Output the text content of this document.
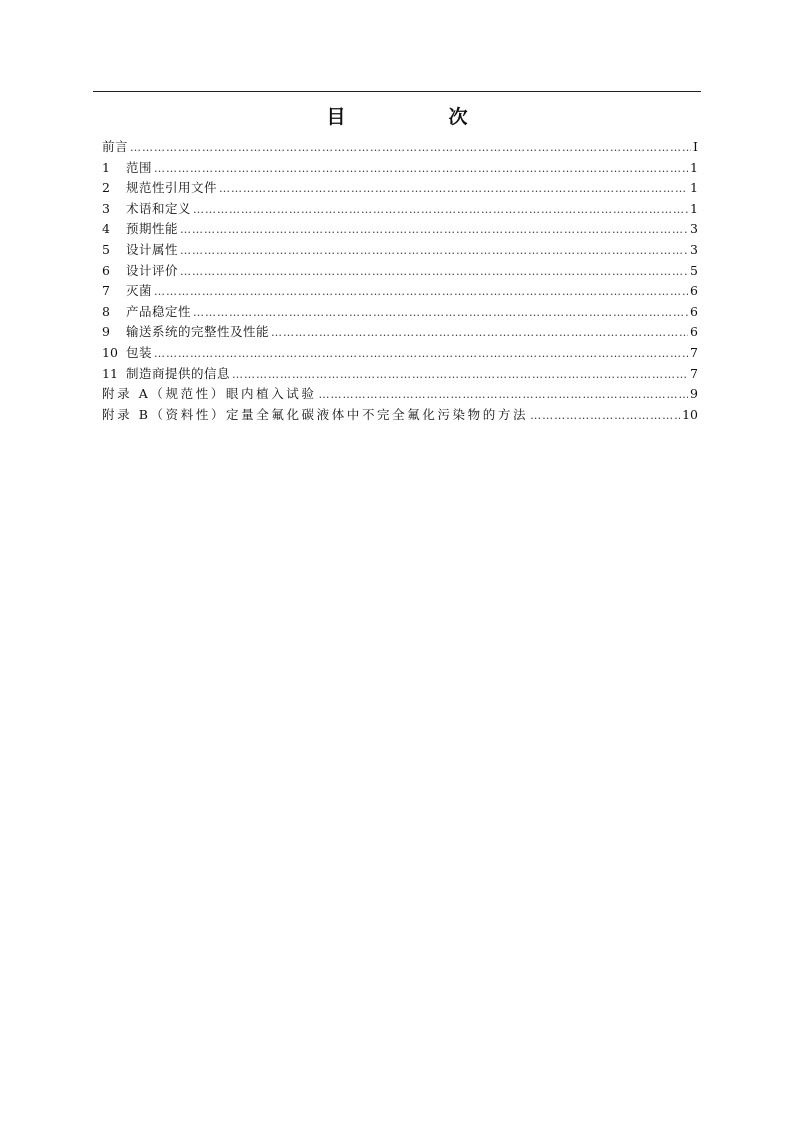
目　次
前言 ………………………………………………………………………………………………………………………………………………………………………………………………………………………………	Ⅰ
1	范围 ………………………………………………………………………………………………………………………………………………………………………………………………………………………………	1
2	规范性引用文件 ………………………………………………………………………………………………………………………………………………………………………………………………………………………………	1
3	术语和定义 ………………………………………………………………………………………………………………………………………………………………………………………………………………………………	1
4	预期性能 ………………………………………………………………………………………………………………………………………………………………………………………………………………………………	3
5	设计属性 ………………………………………………………………………………………………………………………………………………………………………………………………………………………………	3
6	设计评价 ………………………………………………………………………………………………………………………………………………………………………………………………………………………………	5
7	灭菌 ………………………………………………………………………………………………………………………………………………………………………………………………………………………………	6
8	产品稳定性 ………………………………………………………………………………………………………………………………………………………………………………………………………………………………	6
9	输送系统的完整性及性能 ………………………………………………………………………………………………………………………………………………………………………………………………………………………………	6
10 包装 ………………………………………………………………………………………………………………………………………………………………………………………………………………………………	7
11 制造商提供的信息 ………………………………………………………………………………………………………………………………………………………………………………………………………………………………	7
附录 A（规范性）眼内植入试验 ………………………………………………………………………………………………………………………………………………………………………………………………………………………………	9
附录 B（资料性）定量全氟化碳液体中不完全氟化污染物的方法 ………………………………………………………………………………………………………………………………………………………………………………………………………………………………	10
